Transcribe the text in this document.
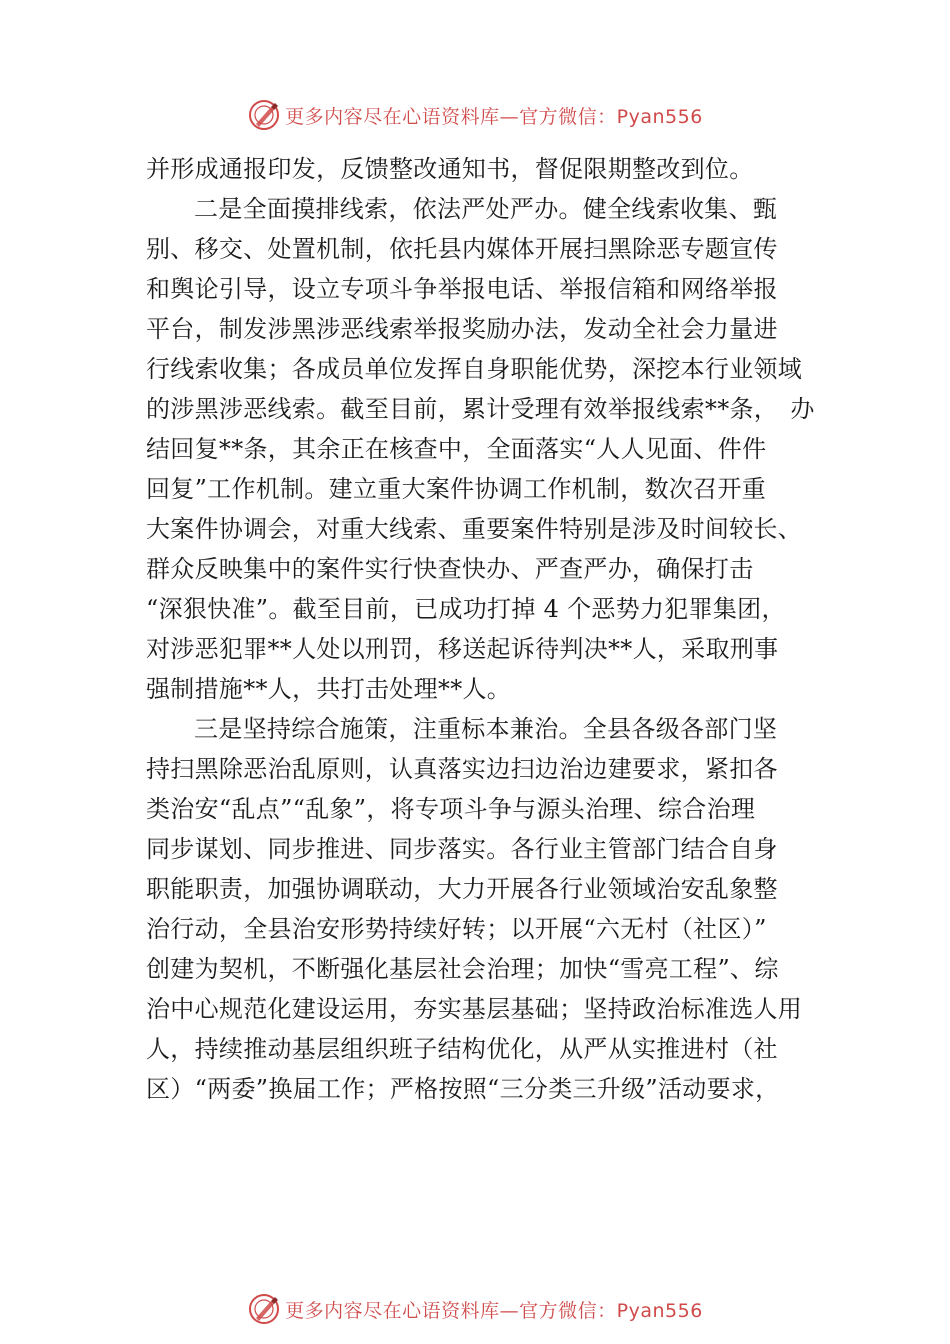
更多内容尽在心语资料库—官方微信：Pyan556
并形成通报印发，反馈整改通知书，督促限期整改到位。
二是全面摸排线索，依法严处严办。健全线索收集、甄
别、移交、处置机制，依托县内媒体开展扫黑除恶专题宣传
和舆论引导，设立专项斗争举报电话、举报信箱和网络举报
平台，制发涉黑涉恶线索举报奖励办法，发动全社会力量进
行线索收集；各成员单位发挥自身职能优势，深挖本行业领域
的涉黑涉恶线索。截至目前，累计受理有效举报线索**条，　办
结回复**条，其余正在核查中，全面落实“人人见面、件件
回复”工作机制。建立重大案件协调工作机制，数次召开重
大案件协调会，对重大线索、重要案件特别是涉及时间较长、
群众反映集中的案件实行快查快办、严查严办，确保打击
“深狠快准”。截至目前，已成功打掉 4 个恶势力犯罪集团，
对涉恶犯罪**人处以刑罚，移送起诉待判决**人，采取刑事
强制措施**人，共打击处理**人。
三是坚持综合施策，注重标本兼治。全县各级各部门坚
持扫黑除恶治乱原则，认真落实边扫边治边建要求，紧扣各
类治安“乱点”“乱象”，将专项斗争与源头治理、综合治理
同步谋划、同步推进、同步落实。各行业主管部门结合自身
职能职责，加强协调联动，大力开展各行业领域治安乱象整
治行动，全县治安形势持续好转；以开展“六无村（社区）”
创建为契机，不断强化基层社会治理；加快“雪亮工程”、综
治中心规范化建设运用，夯实基层基础；坚持政治标准选人用
人，持续推动基层组织班子结构优化，从严从实推进村（社
区）“两委”换届工作；严格按照“三分类三升级”活动要求，
更多内容尽在心语资料库—官方微信：Pyan556
